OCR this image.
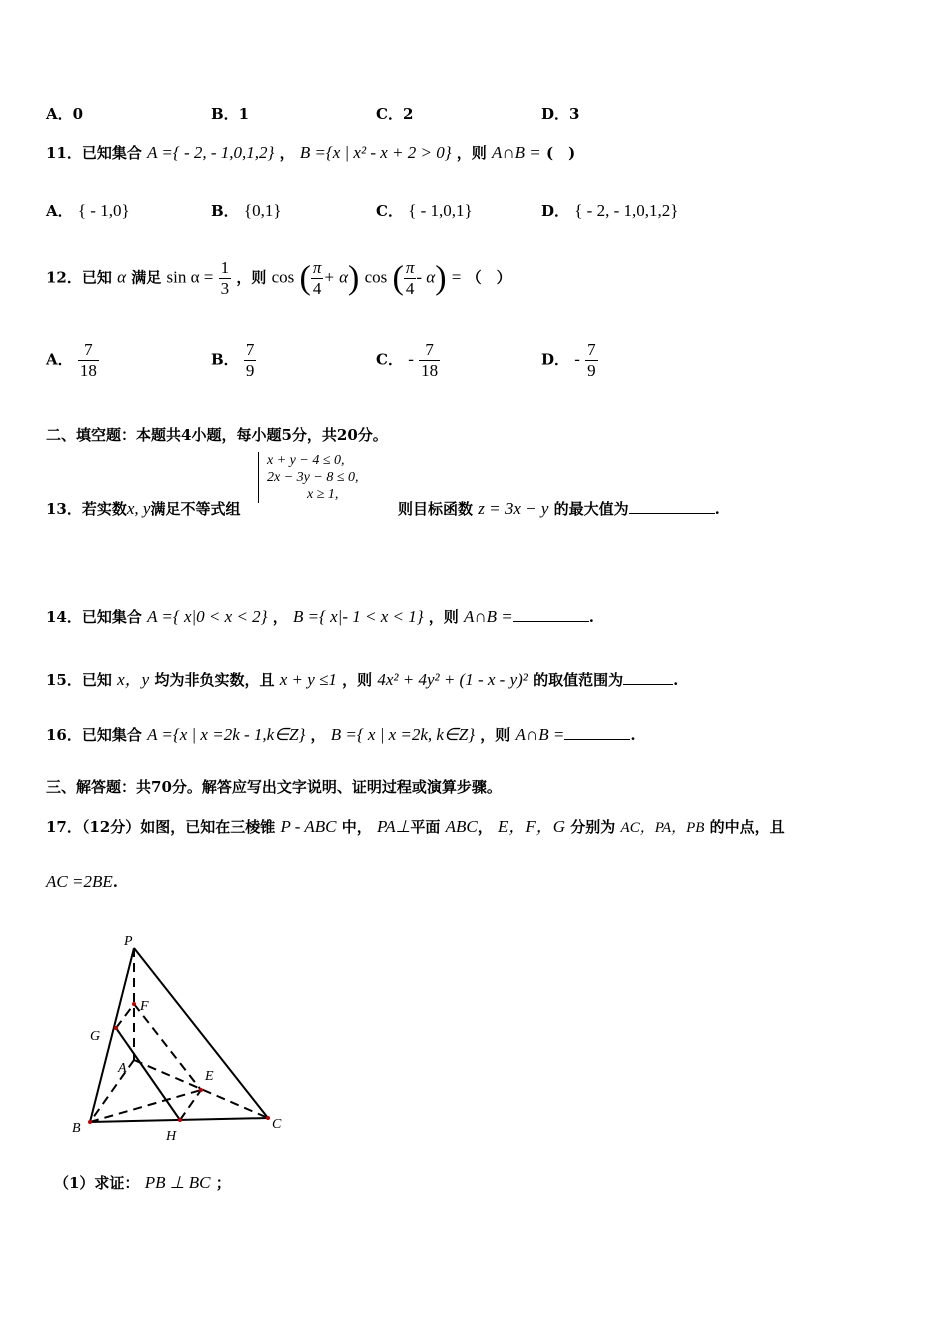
A．0	B．1	C．2	D．3
11．已知集合 A ={ - 2, - 1,0,1,2} ， B ={x | x² - x + 2 > 0} ，则 A∩B = (　)
A． { - 1,0}	B． {0,1}	C． { - 1,0,1}	D． { - 2, - 1,0,1,2}
12．已知 α 满足 $\sin \alpha = \frac{1}{3}$ ，则 cos ( $\frac{\pi}{4} + \alpha$) cos ( $\frac{\pi}{4} - \alpha$) = （　）
A． $\frac{7}{18}$	B． $\frac{7}{9}$	C． - $\frac{7}{18}$	D． - $\frac{7}{9}$
二、填空题：本题共4小题，每小题5分，共20分。
x + y − 4 ≤ 0,
2x − 3y − 8 ≤ 0,
x ≥ 1,
13．若实数x, y满足不等式组	则目标函数 z = 3x − y 的最大值为	.
14．已知集合 A ={ x|0 < x < 2} ， B ={ x|- 1 < x < 1} ，则 A∩B =	.
15．已知 x，y 均为非负实数，且 x + y ≤1 ，则 4x² + 4y² + (1 - x - y)² 的取值范围为	.
16．已知集合 A ={x | x =2k - 1,k∈Z} ， B ={ x | x =2k, k∈Z} ，则 A∩B =	.
三、解答题：共70分。解答应写出文字说明、证明过程或演算步骤。
17．（12分）如图，已知在三棱锥 P - ABC 中， PA⊥平面 ABC， E，F，G 分别为 AC，PA，PB 的中点，且
AC =2BE.
P
F
G
A
E
B
H
C
（1）求证： PB ⊥ BC ；
